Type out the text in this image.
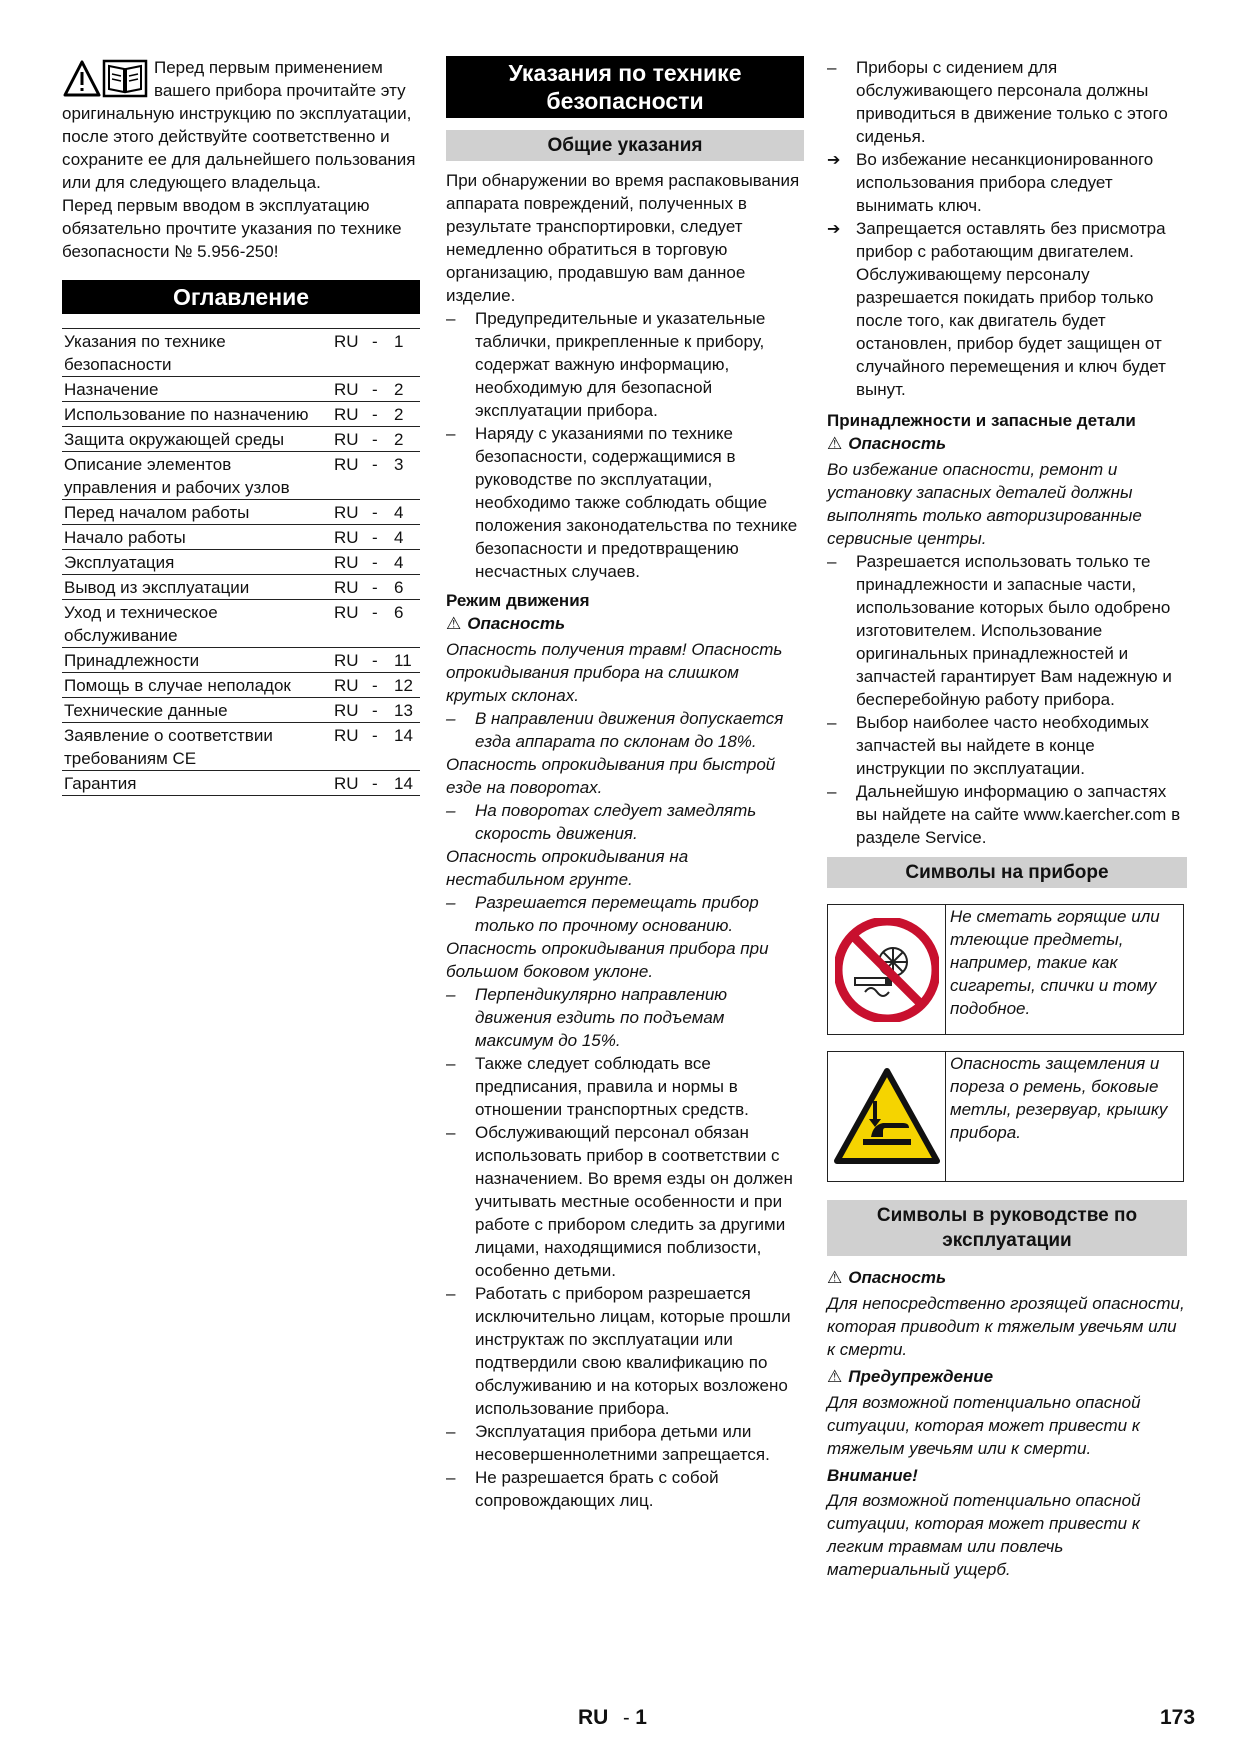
Перед первым применением вашего прибора прочитайте эту оригинальную инструкцию по эксплуатации, после этого действуйте соответственно и сохраните ее для дальнейшего пользования или для следующего владельца.

Перед первым вводом в эксплуатацию обязательно прочтите указания по технике безопасности № 5.956-250!

Оглавление
Указания по технике безопасности	RU	-	1
Назначение	RU	-	2
Использование по назначению	RU	-	2
Защита окружающей среды	RU	-	2
Описание элементов управления и рабочих узлов	RU	-	3
Перед началом работы	RU	-	4
Начало работы	RU	-	4
Эксплуатация	RU	-	4
Вывод из эксплуатации	RU	-	6
Уход и техническое обслуживание	RU	-	6
Принадлежности	RU	-	11
Помощь в случае неполадок	RU	-	12
Технические данные	RU	-	13
Заявление о соответствии требованиям CE	RU	-	14
Гарантия	RU	-	14
Указания по технике безопасности
Общие указания

При обнаружении во время распаковывания аппарата повреждений, полученных в результате транспортировки, следует немедленно обратиться в торговую организацию, продавшую вам данное изделие.

– Предупредительные и указательные таблички, прикрепленные к прибору, содержат важную информацию, необходимую для безопасной эксплуатации прибора.
– Наряду с указаниями по технике безопасности, содержащимися в руководстве по эксплуатации, необходимо также соблюдать общие положения законодательства по технике безопасности и предотвращению несчастных случаев.

Режим движения

⚠ Опасность

Опасность получения травм! Опасность опрокидывания прибора на слишком крутых склонах.

– В направлении движения допускается езда аппарата по склонам до 18%.

Опасность опрокидывания при быстрой езде на поворотах.

– На поворотах следует замедлять скорость движения.

Опасность опрокидывания на нестабильном грунте.

– Разрешается перемещать прибор только по прочному основанию.

Опасность опрокидывания прибора при большом боковом уклоне.

– Перпендикулярно направлению движения ездить по подъемам максимум до 15%.
– Также следует соблюдать все предписания, правила и нормы в отношении транспортных средств.
– Обслуживающий персонал обязан использовать прибор в соответствии с назначением. Во время езды он должен учитывать местные особенности и при работе с прибором следить за другими лицами, находящимися поблизости, особенно детьми.
– Работать с прибором разрешается исключительно лицам, которые прошли инструктаж по эксплуатации или подтвердили свою квалификацию по обслуживанию и на которых возложено использование прибора.
– Эксплуатация прибора детьми или несовершеннолетними запрещается.
– Не разрешается брать с собой сопровождающих лиц.
– Приборы с сидением для обслуживающего персонала должны приводиться в движение только с этого сиденья.
➔ Во избежание несанкционированного использования прибора следует вынимать ключ.
➔ Запрещается оставлять без присмотра прибор с работающим двигателем. Обслуживающему персоналу разрешается покидать прибор только после того, как двигатель будет остановлен, прибор будет защищен от случайного перемещения и ключ будет вынут.

Принадлежности и запасные детали

⚠ Опасность

Во избежание опасности, ремонт и установку запасных деталей должны выполнять только авторизированные сервисные центры.

– Разрешается использовать только те принадлежности и запасные части, использование которых было одобрено изготовителем. Использование оригинальных принадлежностей и запчастей гарантирует Вам надежную и бесперебойную работу прибора.
– Выбор наиболее часто необходимых запчастей вы найдете в конце инструкции по эксплуатации.
– Дальнейшую информацию о запчастях вы найдете на сайте www.kaercher.com в разделе Service.
Символы на приборе
Не сметать горящие или тлеющие предметы, например, такие как сигареты, спички и тому подобное.
Опасность защемления и пореза о ремень, боковые метлы, резервуар, крышку прибора.
Символы в руководстве по эксплуатации

⚠ Опасность

Для непосредственно грозящей опасности, которая приводит к тяжелым увечьям или к смерти.

⚠ Предупреждение

Для возможной потенциально опасной ситуации, которая может привести к тяжелым увечьям или к смерти.

Внимание!

Для возможной потенциально опасной ситуации, которая может привести к легким травмам или повлечь материальный ущерб.

RU - 1	173
